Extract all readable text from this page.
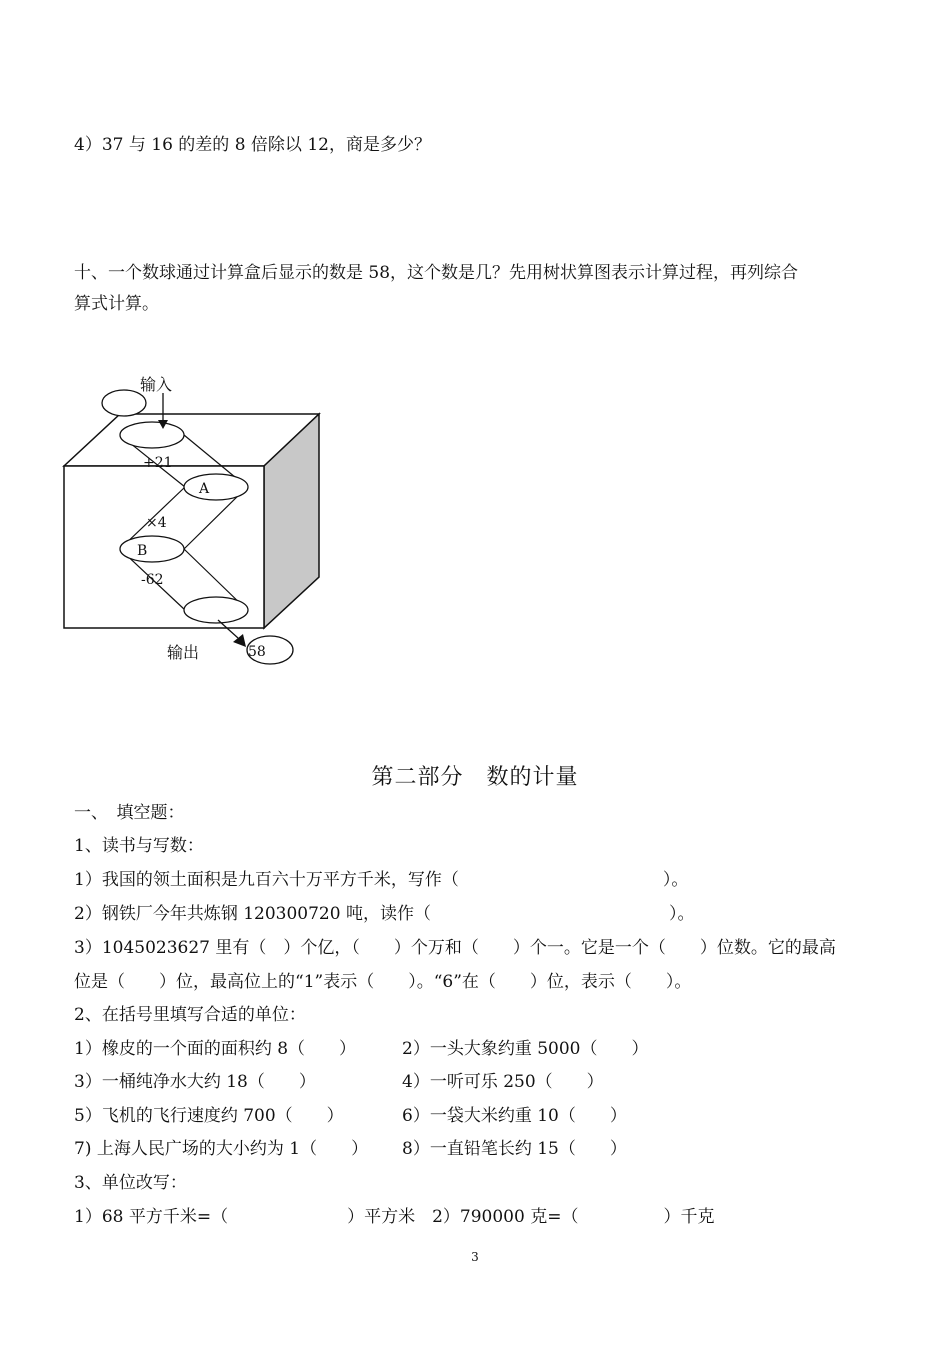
4）37 与 16 的差的 8 倍除以 12，商是多少？
十、一个数球通过计算盒后显示的数是 58，这个数是几？先用树状算图表示计算过程，再列综合
算式计算。
输入
+21
A
×4
B
-62
输出	58
第二部分　数的计量
一、　填空题：
1、读书与写数：
1）我国的领土面积是九百六十万平方千米，写作（　　　　　　　　　　　　）。
2）钢铁厂今年共炼钢 120300720 吨，读作（　　　　　　　　　　　　　　）。
3）1045023627 里有（　）个亿，（　　）个万和（　　）个一。它是一个（　　）位数。它的最高
位是（　　）位，最高位上的“1”表示（　　）。“6”在（　　）位，表示（　　）。
2、在括号里填写合适的单位：
1）橡皮的一个面的面积约 8（　　）	2）一头大象约重 5000（　　）
3）一桶纯净水大约 18（　　）	4）一听可乐 250（　　）
5）飞机的飞行速度约 700（　　）	6）一袋大米约重 10（　　）
7) 上海人民广场的大小约为 1（　　） 8）一直铅笔长约 15（　　）
3、单位改写：
1）68 平方千米=（　　　　　　　）平方米　2）790000 克=（　　　　　）千克
3
